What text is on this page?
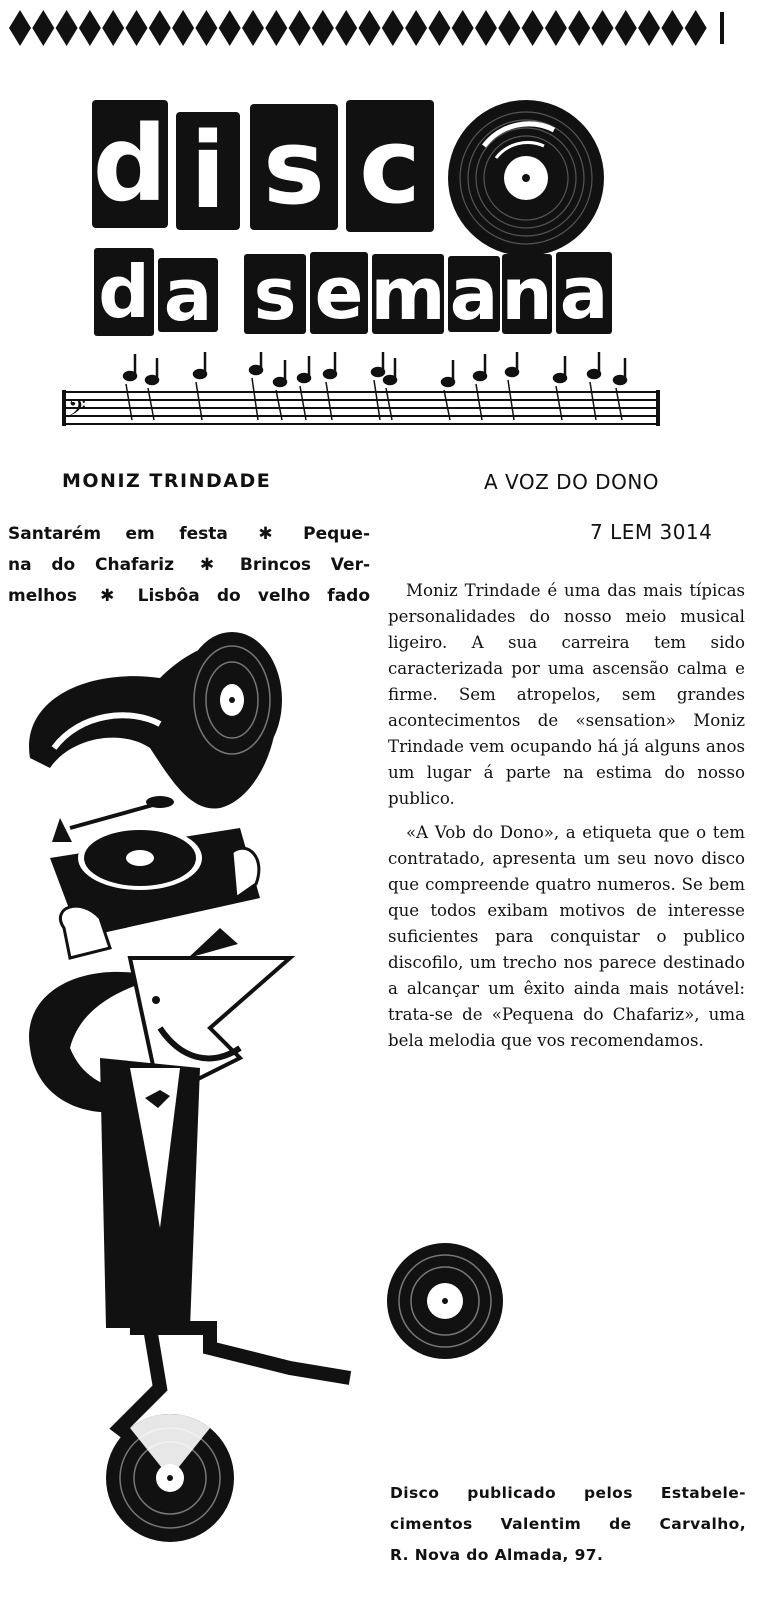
d i s c
d a s e m a n a
𝄢
MONIZ TRINDADE	A VOZ DO DONO
7 LEM 3014
Santarém em festa ✱ Peque-
na do Chafariz ✱ Brincos Ver-
melhos ✱ Lisbôa do velho fado	Moniz Trindade é uma das mais típicas personalidades do nosso meio musical ligeiro. A sua carreira tem sido caracterizada por uma ascensão calma e firme. Sem atropelos, sem grandes acontecimentos de «sensation» Moniz Trindade vem ocupando há já alguns anos um lugar á parte na estima do nosso publico.

«A Vob do Dono», a etiqueta que o tem contratado, apresenta um seu novo disco que compreende quatro numeros. Se bem que todos exibam motivos de interesse suficientes para conquistar o publico discofilo, um trecho nos parece destinado a alcançar um êxito ainda mais notável: trata-se de «Pequena do Chafariz», uma bela melodia que vos recomendamos.

Disco publicado pelos Estabele-
cimentos Valentim de Carvalho,
R. Nova do Almada, 97.
